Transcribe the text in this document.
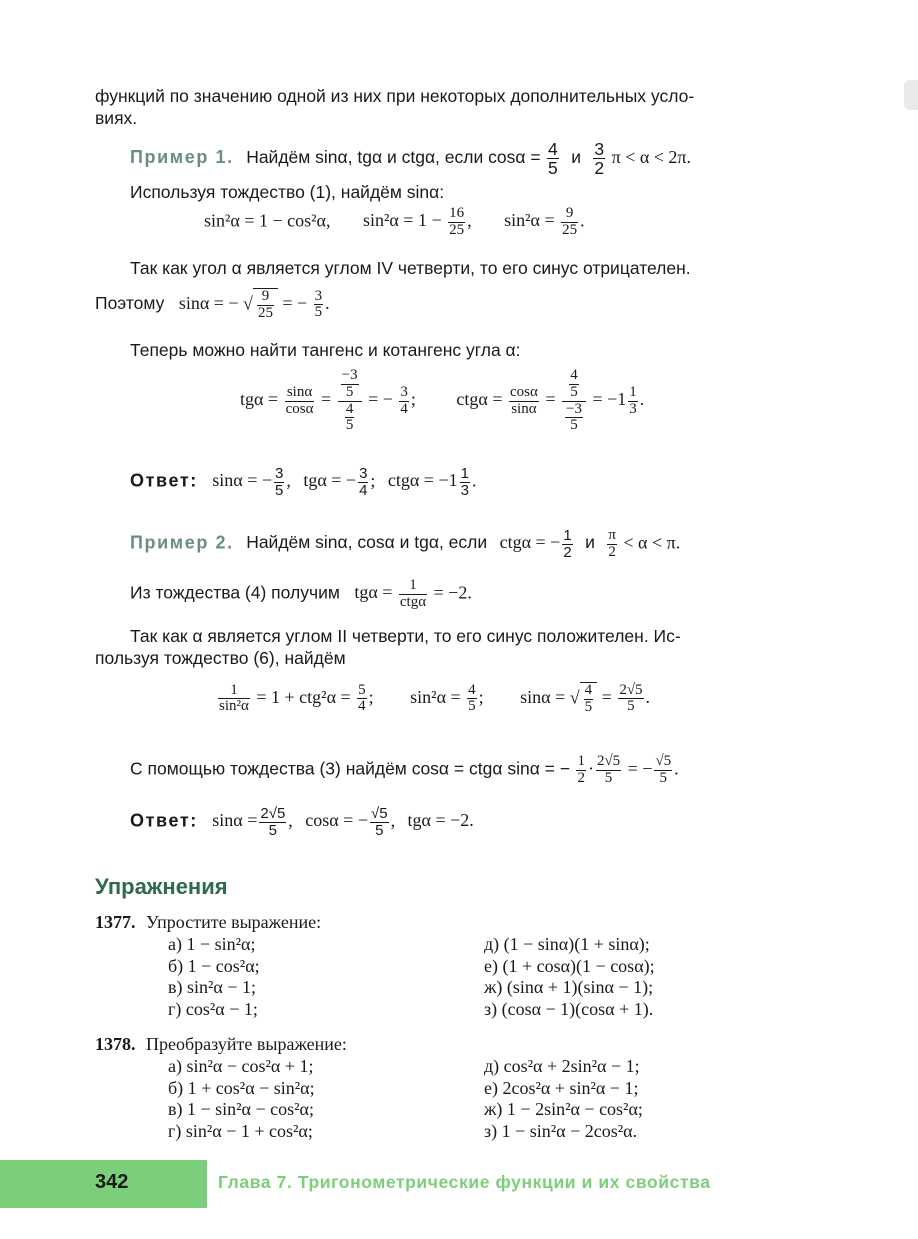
функций по значению одной из них при некоторых дополнительных усло-
виях.
Пример 1. Найдём sinα, tgα и ctgα, если $\cos\alpha = \frac{4}{5}$ и $\frac{3}{2}$ π < α < 2π.
Используя тождество (1), найдём sinα:
sin²α = 1 − cos²α, $\sin^2\alpha = 1 - \frac{16}{25}$ , $\sin^2\alpha = \frac{9}{25}$ .
Так как угол α является углом IV четверти, то его синус отрицателен.
Поэтому sinα = − √ $\frac{9}{25}$ = − $\frac{3}{5}$ .
Теперь можно найти тангенс и котангенс угла α:
$tg\alpha = \frac{\sin\alpha}{\cos\alpha} = \frac{\frac{-3}{5}}{\frac{4}{5}}$ = − $\frac{3}{4}$ ; $ctg\alpha = \frac{\cos\alpha}{\sin\alpha} = \frac{\frac{4}{5}}{\frac{-3}{5}} = -1 \frac{1}{3}$ .
Ответ: sinα = − $\frac{3}{5}$ , tgα = − $\frac{3}{4}$ ; $ctg\alpha = -1 \frac{1}{3}$ .
Пример 2. Найдём sinα, cosα и tgα, если ctgα = − $\frac{1}{2}$ и $\frac{\pi}{2} < \alpha < \pi$.
Из тождества (4) получим $tg\alpha = \frac{1}{\text{ctgα}} = -2$.
Так как α является углом II четверти, то его синус положителен. Ис-
пользуя тождество (6), найдём
$\frac{1}{\text{sin²α}} = 1 + ctg^2\alpha = \frac{5}{4}$ ; $\sin^2\alpha = \frac{4}{5}$ ; sinα = √ $\frac{4}{5} = \frac{2√5}{5}$ .
С помощью тождества (3) найдём cosα = ctgα sinα = − $\frac{1}{2} \cdot \frac{2√5}{5}$ = − $\frac{√5}{5}$ .
Ответ: $\sin\alpha = \frac{2√5}{5}$ , cosα = − $\frac{√5}{5}$ , tgα = −2.
Упражнения
1377. Упростите выражение:
а) 1 − sin²α;
б) 1 − cos²α;
в) sin²α − 1;
г) cos²α − 1;
д) (1 − sinα)(1 + sinα);
е) (1 + cosα)(1 − cosα);
ж) (sinα + 1)(sinα − 1);
з) (cosα − 1)(cosα + 1).
1378. Преобразуйте выражение:
а) sin²α − cos²α + 1;
б) 1 + cos²α − sin²α;
в) 1 − sin²α − cos²α;
г) sin²α − 1 + cos²α;
д) cos²α + 2sin²α − 1;
е) 2cos²α + sin²α − 1;
ж) 1 − 2sin²α − cos²α;
з) 1 − sin²α − 2cos²α.
342	Глава 7. Тригонометрические функции и их свойства
